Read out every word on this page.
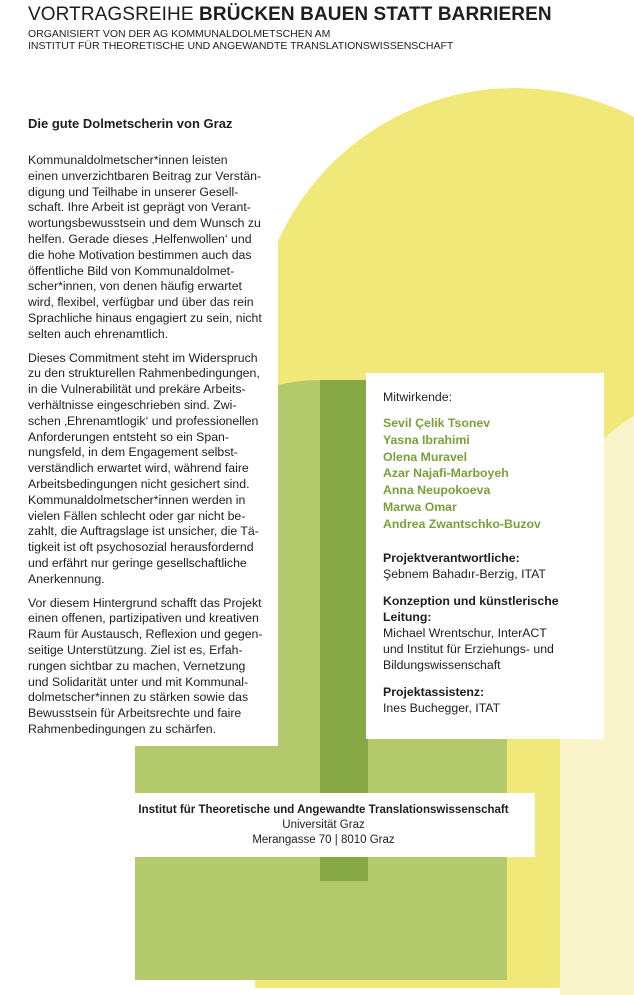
VORTRAGSREIHE BRÜCKEN BAUEN STATT BARRIEREN
ORGANISIERT VON DER AG KOMMUNALDOLMETSCHEN AM
INSTITUT FÜR THEORETISCHE UND ANGEWANDTE TRANSLATIONSWISSENSCHAFT
Die gute Dolmetscherin von Graz

Kommunaldolmetscher*innen leisten
einen unverzichtbaren Beitrag zur Verstän-
digung und Teilhabe in unserer Gesell-
schaft. Ihre Arbeit ist geprägt von Verant-
wortungsbewusstsein und dem Wunsch zu
helfen. Gerade dieses ‚Helfenwollen‘ und
die hohe Motivation bestimmen auch das
öffentliche Bild von Kommunaldolmet-
scher*innen, von denen häufig erwartet
wird, flexibel, verfügbar und über das rein
Sprachliche hinaus engagiert zu sein, nicht
selten auch ehrenamtlich.

Dieses Commitment steht im Widerspruch
zu den strukturellen Rahmenbedingungen,
in die Vulnerabilität und prekäre Arbeits-
verhältnisse eingeschrieben sind. Zwi-
schen ‚Ehrenamtlogik‘ und professionellen
Anforderungen entsteht so ein Span-
nungsfeld, in dem Engagement selbst-
verständlich erwartet wird, während faire
Arbeitsbedingungen nicht gesichert sind.
Kommunaldolmetscher*innen werden in
vielen Fällen schlecht oder gar nicht be-
zahlt, die Auftragslage ist unsicher, die Tä-
tigkeit ist oft psychosozial herausfordernd
und erfährt nur geringe gesellschaftliche
Anerkennung.

Vor diesem Hintergrund schafft das Projekt
einen offenen, partizipativen und kreativen
Raum für Austausch, Reflexion und gegen-
seitige Unterstützung. Ziel ist es, Erfah-
rungen sichtbar zu machen, Vernetzung
und Solidarität unter und mit Kommunal-
dolmetscher*innen zu stärken sowie das
Bewusstsein für Arbeitsrechte und faire
Rahmenbedingungen zu schärfen.

Mitwirkende:
Sevil Çelik Tsonev
Yasna Ibrahimi
Olena Muravel
Azar Najafi-Marboyeh
Anna Neupokoeva
Marwa Omar
Andrea Zwantschko-Buzov
Projektverantwortliche:
Şebnem Bahadır-Berzig, ITAT
Konzeption und künstlerische
Leitung:
Michael Wrentschur, InterACT
und Institut für Erziehungs- und
Bildungswissenschaft
Projektassistenz:
Ines Buchegger, ITAT
Institut für Theoretische und Angewandte Translationswissenschaft
Universität Graz
Merangasse 70 | 8010 Graz
